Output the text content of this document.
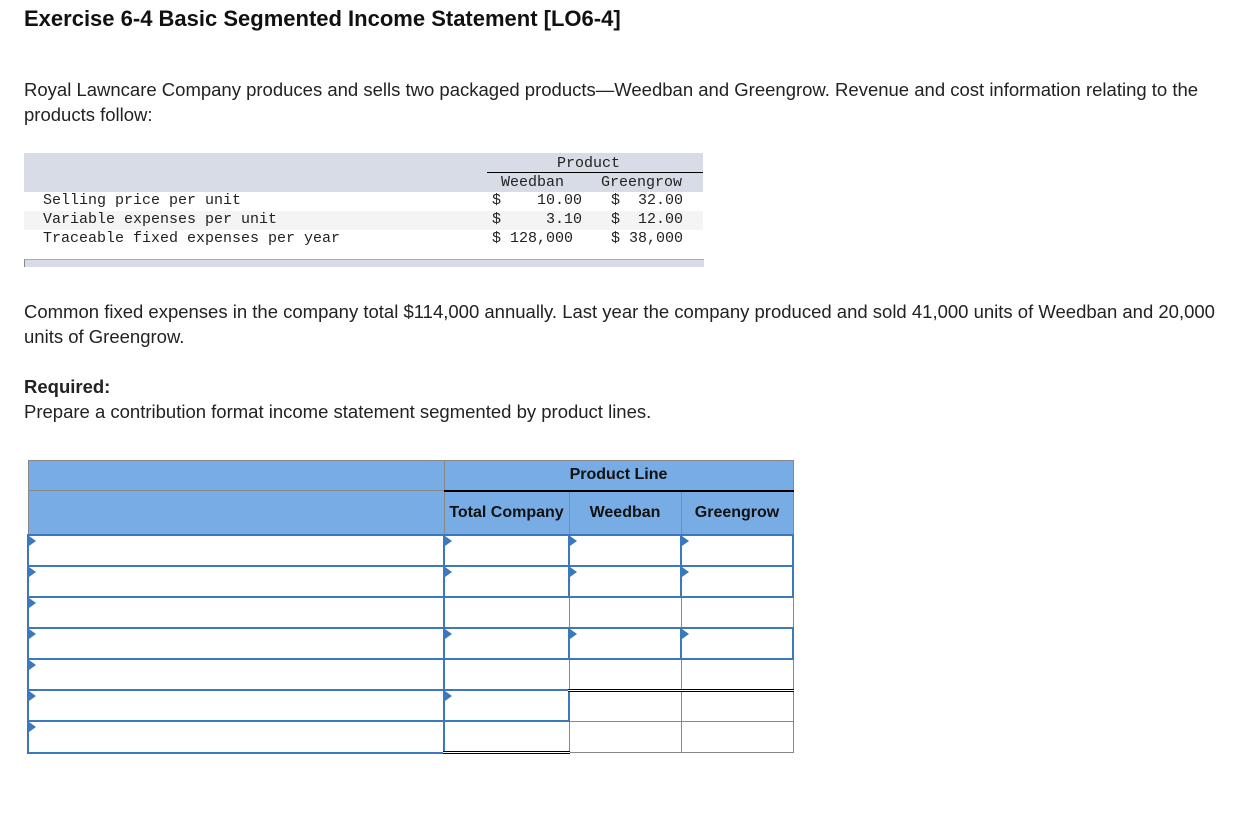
Exercise 6-4 Basic Segmented Income Statement [LO6-4]

Royal Lawncare Company produces and sells two packaged products—Weedban and Greengrow. Revenue and cost information relating to the products follow:

Product
Weedban Greengrow
Selling price per unit	$    10.00 $  32.00
Variable expenses per unit	$     3.10 $  12.00
Traceable fixed expenses per year	$ 128,000	$ 38,000

Common fixed expenses in the company total $114,000 annually. Last year the company produced and sold 41,000 units of Weedban and 20,000 units of Greengrow.

Required:

Prepare a contribution format income statement segmented by product lines.

	Product Line		
	Total Company	Weedban	Greengrow
